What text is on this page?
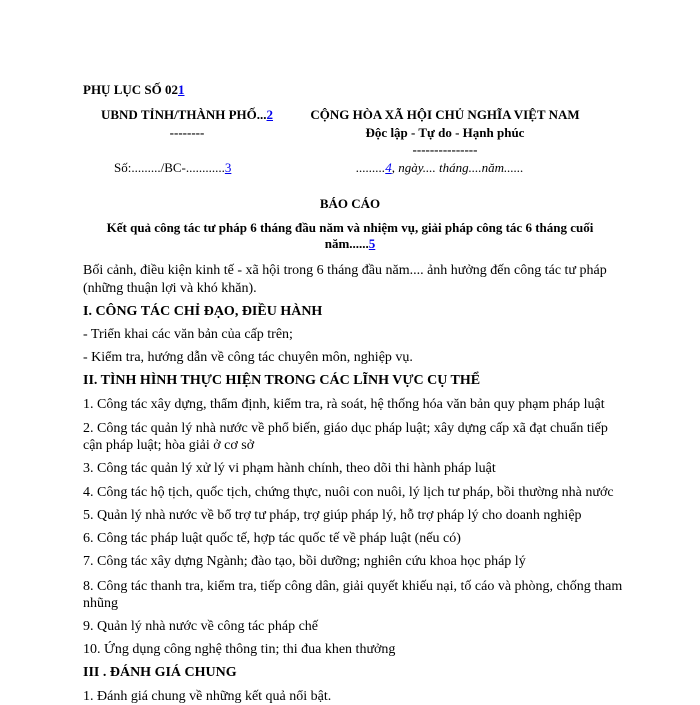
PHỤ LỤC SỐ 021
UBND TỈNH/THÀNH PHỐ...2
--------
CỘNG HÒA XÃ HỘI CHỦ NGHĨA VIỆT NAM
Độc lập - Tự do - Hạnh phúc
---------------
Số:........./BC-............3	.........4, ngày.... tháng....năm......
BÁO CÁO
Kết quả công tác tư pháp 6 tháng đầu năm và nhiệm vụ, giải pháp công tác 6 tháng cuối
năm......5
Bối cảnh, điều kiện kinh tế - xã hội trong 6 tháng đầu năm.... ảnh hưởng đến công tác tư pháp (những thuận lợi và khó khăn).
I. CÔNG TÁC CHỈ ĐẠO, ĐIỀU HÀNH
- Triển khai các văn bản của cấp trên;
- Kiểm tra, hướng dẫn về công tác chuyên môn, nghiệp vụ.
II. TÌNH HÌNH THỰC HIỆN TRONG CÁC LĨNH VỰC CỤ THỂ
1. Công tác xây dựng, thẩm định, kiểm tra, rà soát, hệ thống hóa văn bản quy phạm pháp luật
2. Công tác quản lý nhà nước về phổ biến, giáo dục pháp luật; xây dựng cấp xã đạt chuẩn tiếp cận pháp luật; hòa giải ở cơ sở
3. Công tác quản lý xử lý vi phạm hành chính, theo dõi thi hành pháp luật
4. Công tác hộ tịch, quốc tịch, chứng thực, nuôi con nuôi, lý lịch tư pháp, bồi thường nhà nước
5. Quản lý nhà nước về bổ trợ tư pháp, trợ giúp pháp lý, hỗ trợ pháp lý cho doanh nghiệp
6. Công tác pháp luật quốc tế, hợp tác quốc tế về pháp luật (nếu có)
7. Công tác xây dựng Ngành; đào tạo, bồi dưỡng; nghiên cứu khoa học pháp lý
8. Công tác thanh tra, kiểm tra, tiếp công dân, giải quyết khiếu nại, tố cáo và phòng, chống tham nhũng
9. Quản lý nhà nước về công tác pháp chế
10. Ứng dụng công nghệ thông tin; thi đua khen thưởng
III . ĐÁNH GIÁ CHUNG
1. Đánh giá chung về những kết quả nổi bật.
